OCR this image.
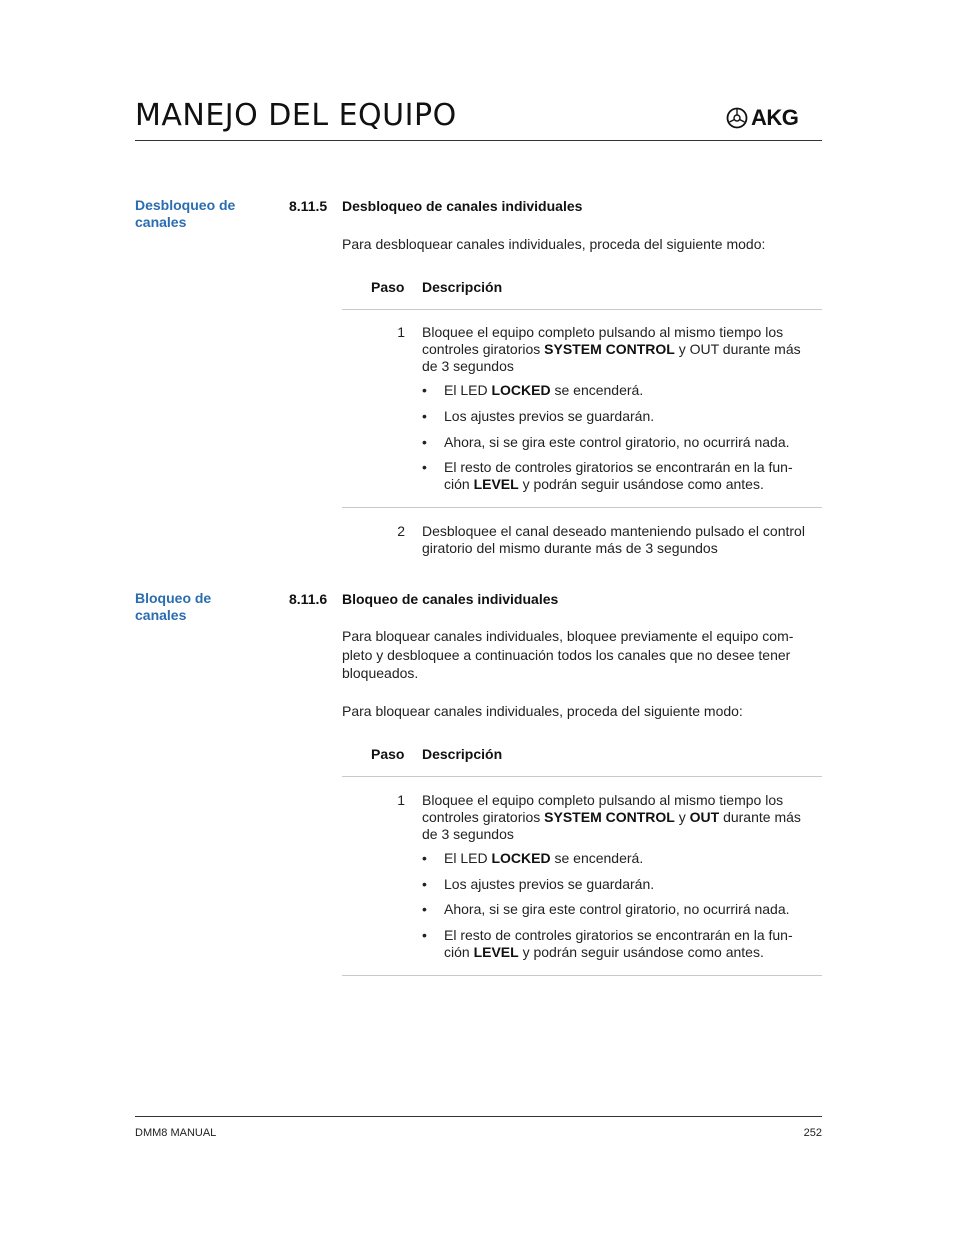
MANEJO DEL EQUIPO	AKG
Desbloqueo de canales
8.11.5 Desbloqueo de canales individuales
Para desbloquear canales individuales, proceda del siguiente modo:
Paso Descripción
1 Bloquee el equipo completo pulsando al mismo tiempo los controles giratorios SYSTEM CONTROL y OUT durante más de 3 segundos
• El LED LOCKED se encenderá.
• Los ajustes previos se guardarán.
• Ahora, si se gira este control giratorio, no ocurrirá nada.
• El resto de controles giratorios se encontrarán en la fun-ción LEVEL y podrán seguir usándose como antes.
2 Desbloquee el canal deseado manteniendo pulsado el control giratorio del mismo durante más de 3 segundos
Bloqueo de canales
8.11.6 Bloqueo de canales individuales
Para bloquear canales individuales, bloquee previamente el equipo com-pleto y desbloquee a continuación todos los canales que no desee tener bloqueados.
Para bloquear canales individuales, proceda del siguiente modo:
Paso Descripción
1 Bloquee el equipo completo pulsando al mismo tiempo los controles giratorios SYSTEM CONTROL y OUT durante más de 3 segundos
• El LED LOCKED se encenderá.
• Los ajustes previos se guardarán.
• Ahora, si se gira este control giratorio, no ocurrirá nada.
• El resto de controles giratorios se encontrarán en la fun-ción LEVEL y podrán seguir usándose como antes.
DMM8 MANUAL	252
